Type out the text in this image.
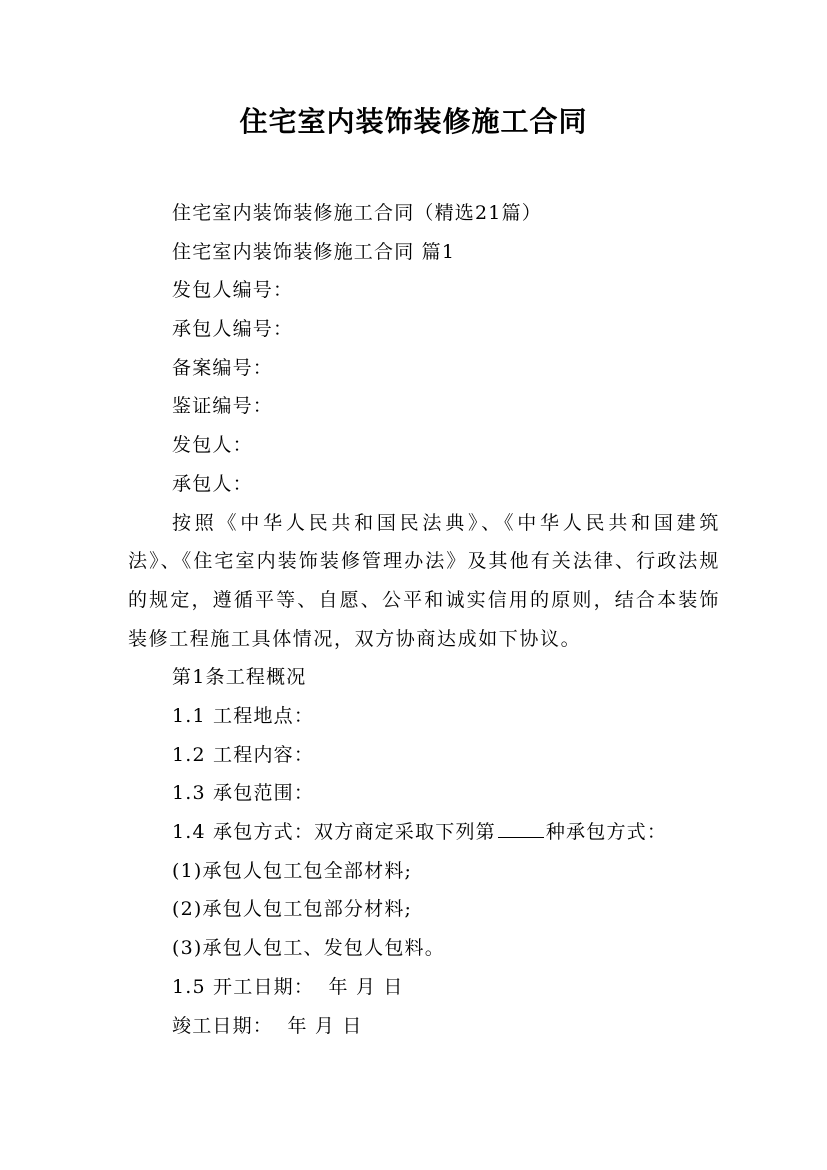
住宅室内装饰装修施工合同
住宅室内装饰装修施工合同（精选21篇）
住宅室内装饰装修施工合同 篇1
发包人编号：
承包人编号：
备案编号：
鉴证编号：
发包人：
承包人：
按照《中华人民共和国民法典》、《中华人民共和国建筑法》、《住宅室内装饰装修管理办法》及其他有关法律、行政法规的规定，遵循平等、自愿、公平和诚实信用的原则，结合本装饰装修工程施工具体情况，双方协商达成如下协议。
第1条工程概况
1.1 工程地点：
1.2 工程内容：
1.3 承包范围：
1.4 承包方式：双方商定采取下列第	种承包方式：
(1)承包人包工包全部材料;
(2)承包人包工包部分材料;
(3)承包人包工、发包人包料。
1.5 开工日期：  年 月 日
竣工日期：  年 月 日
